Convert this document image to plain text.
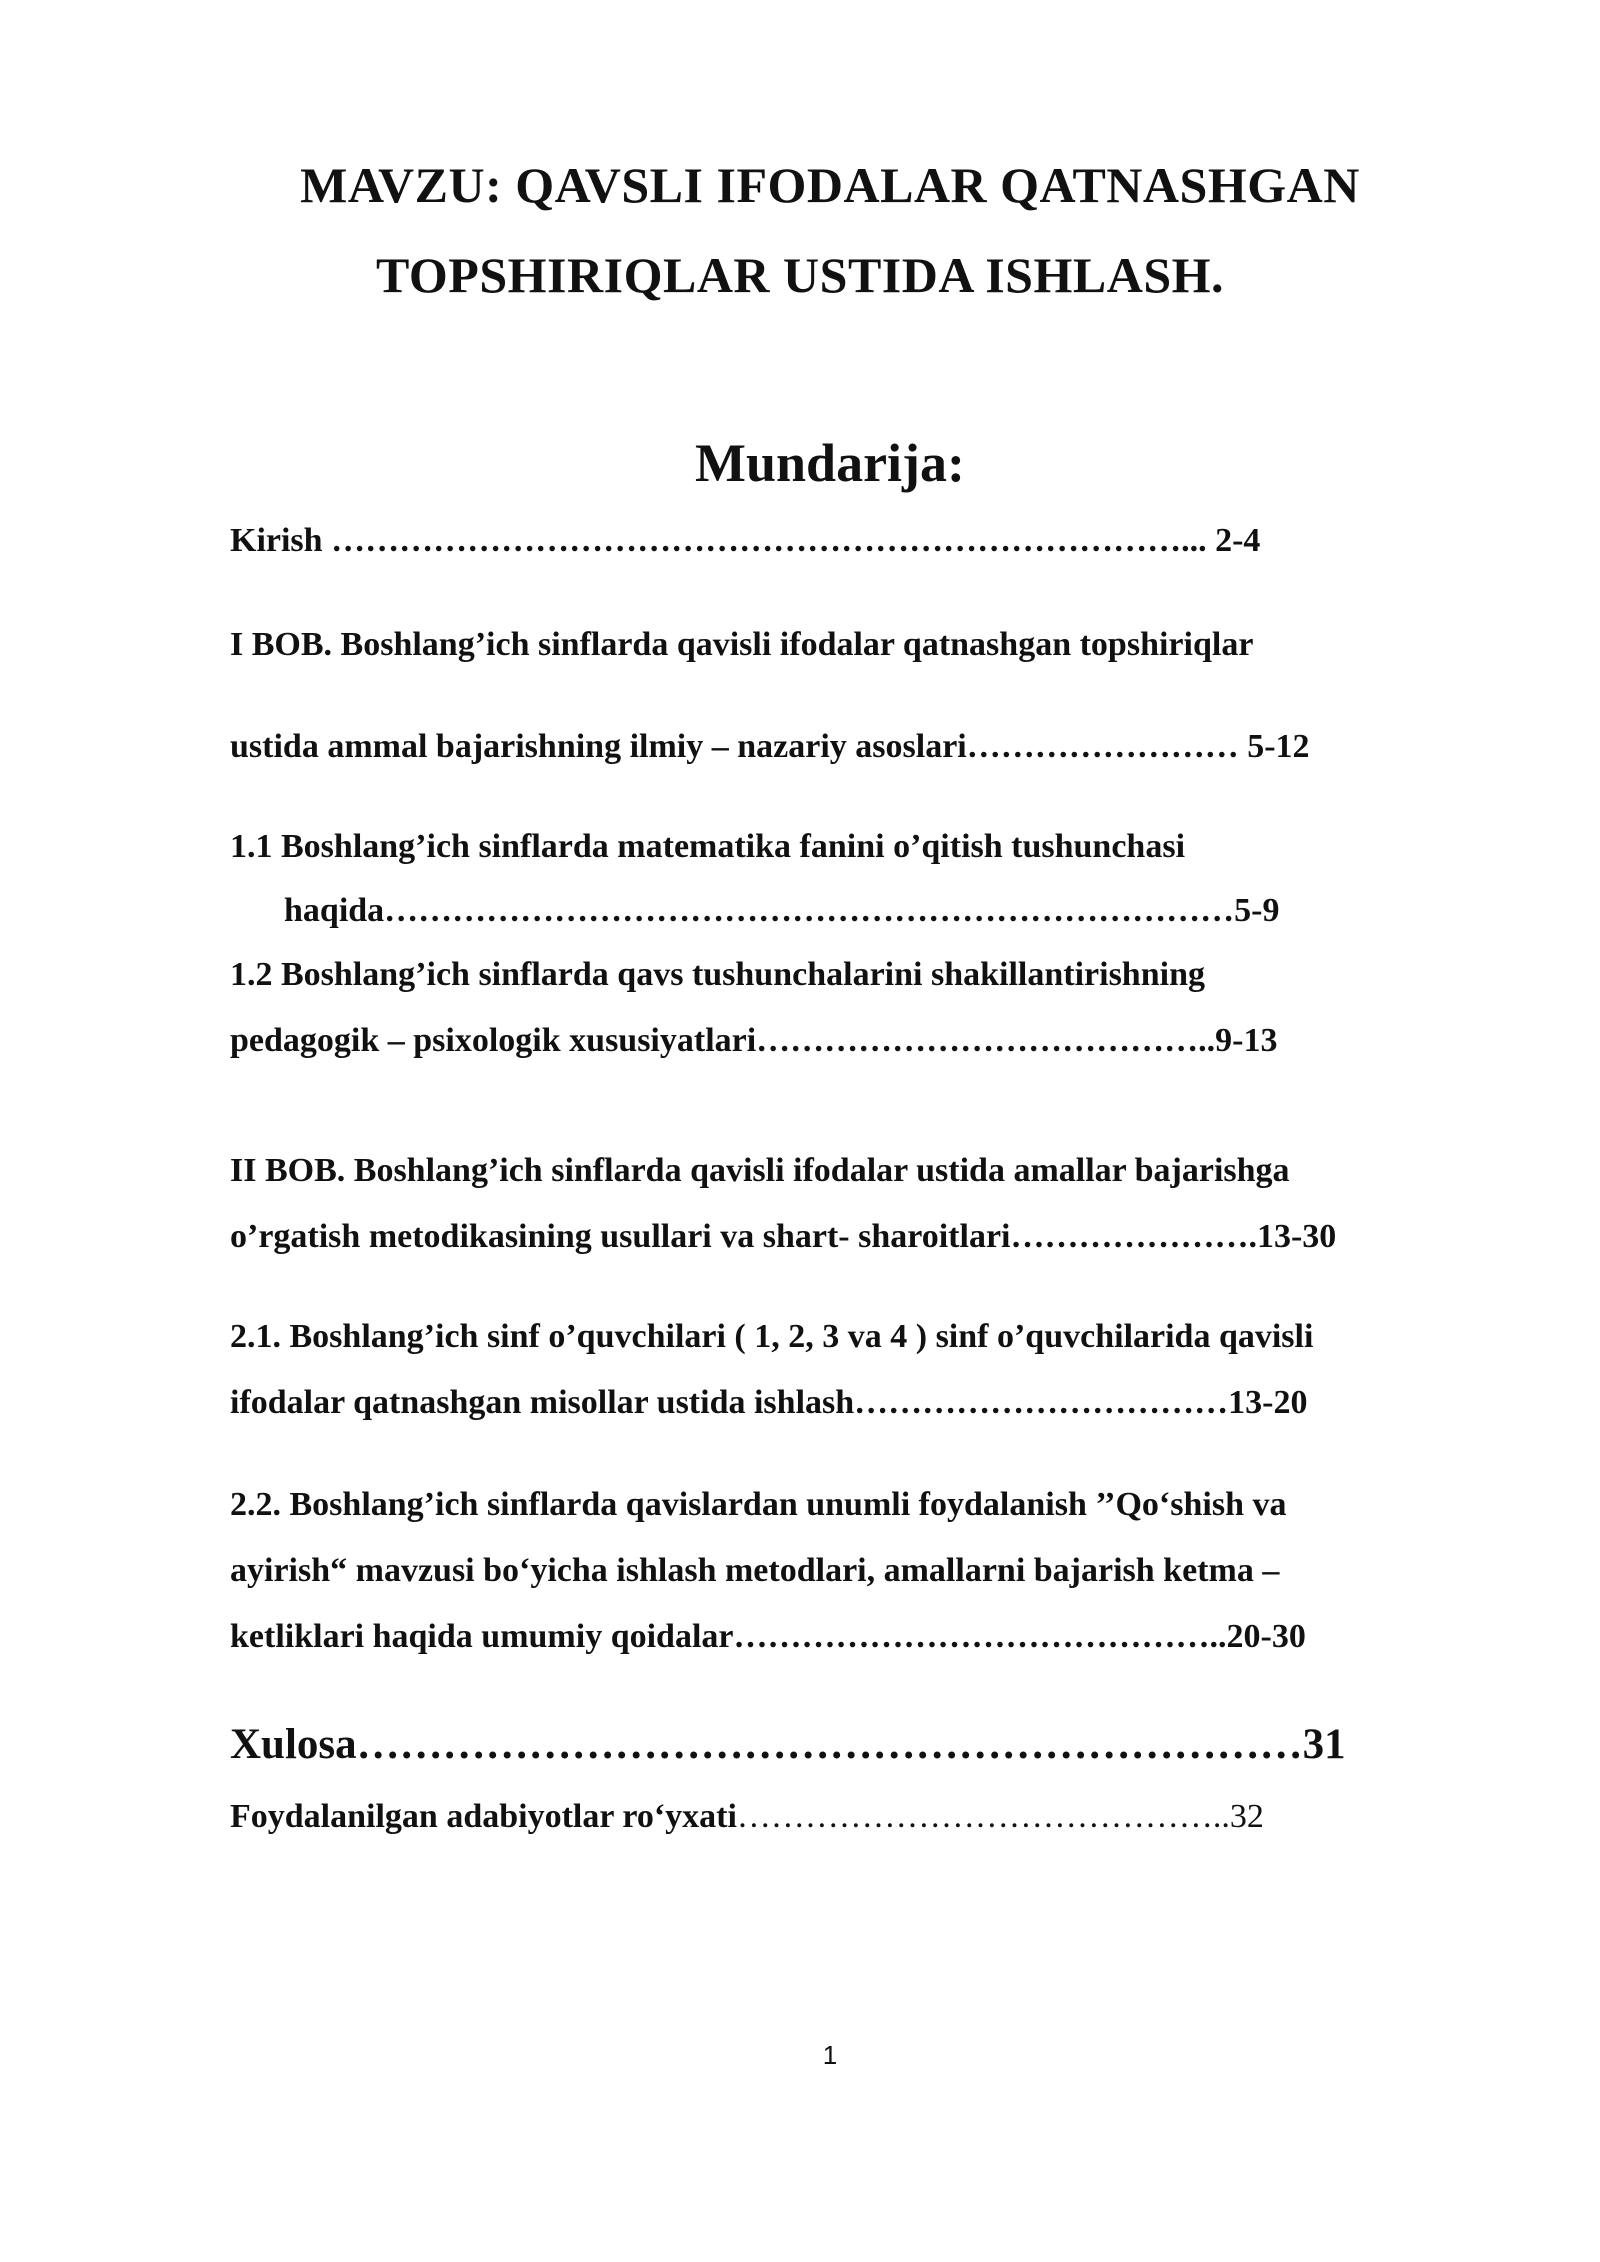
MAVZU: QAVSLI IFODALAR QATNASHGAN
TOPSHIRIQLAR USTIDA ISHLASH.
Mundarija:
Kirish …………………………………………………………………... 2-4
I BOB. Boshlang’ich sinflarda qavisli ifodalar qatnashgan topshiriqlar
ustida ammal bajarishning ilmiy – nazariy asoslari…………………… 5-12
1.1 Boshlang’ich sinflarda matematika fanini o’qitish tushunchasi
haqida…………………………………………………………………5-9
1.2 Boshlang’ich sinflarda qavs tushunchalarini shakillantirishning
pedagogik – psixologik xususiyatlari…………………………………..9-13
II BOB. Boshlang’ich sinflarda qavisli ifodalar ustida amallar bajarishga
o’rgatish metodikasining usullari va shart- sharoitlari………………….13-30
2.1. Boshlang’ich sinf o’quvchilari ( 1, 2, 3 va 4 ) sinf o’quvchilarida qavisli
ifodalar qatnashgan misollar ustida ishlash……………………………13-20
2.2. Boshlang’ich sinflarda qavislardan unumli foydalanish ’’Qo‘shish va
ayirish“ mavzusi bo‘yicha ishlash metodlari, amallarni bajarish ketma –
ketliklari haqida umumiy qoidalar……………………………………..20-30
Xulosa…………………………………………………………31
Foydalanilgan adabiyotlar ro‘yxati……………………………………..32
1
